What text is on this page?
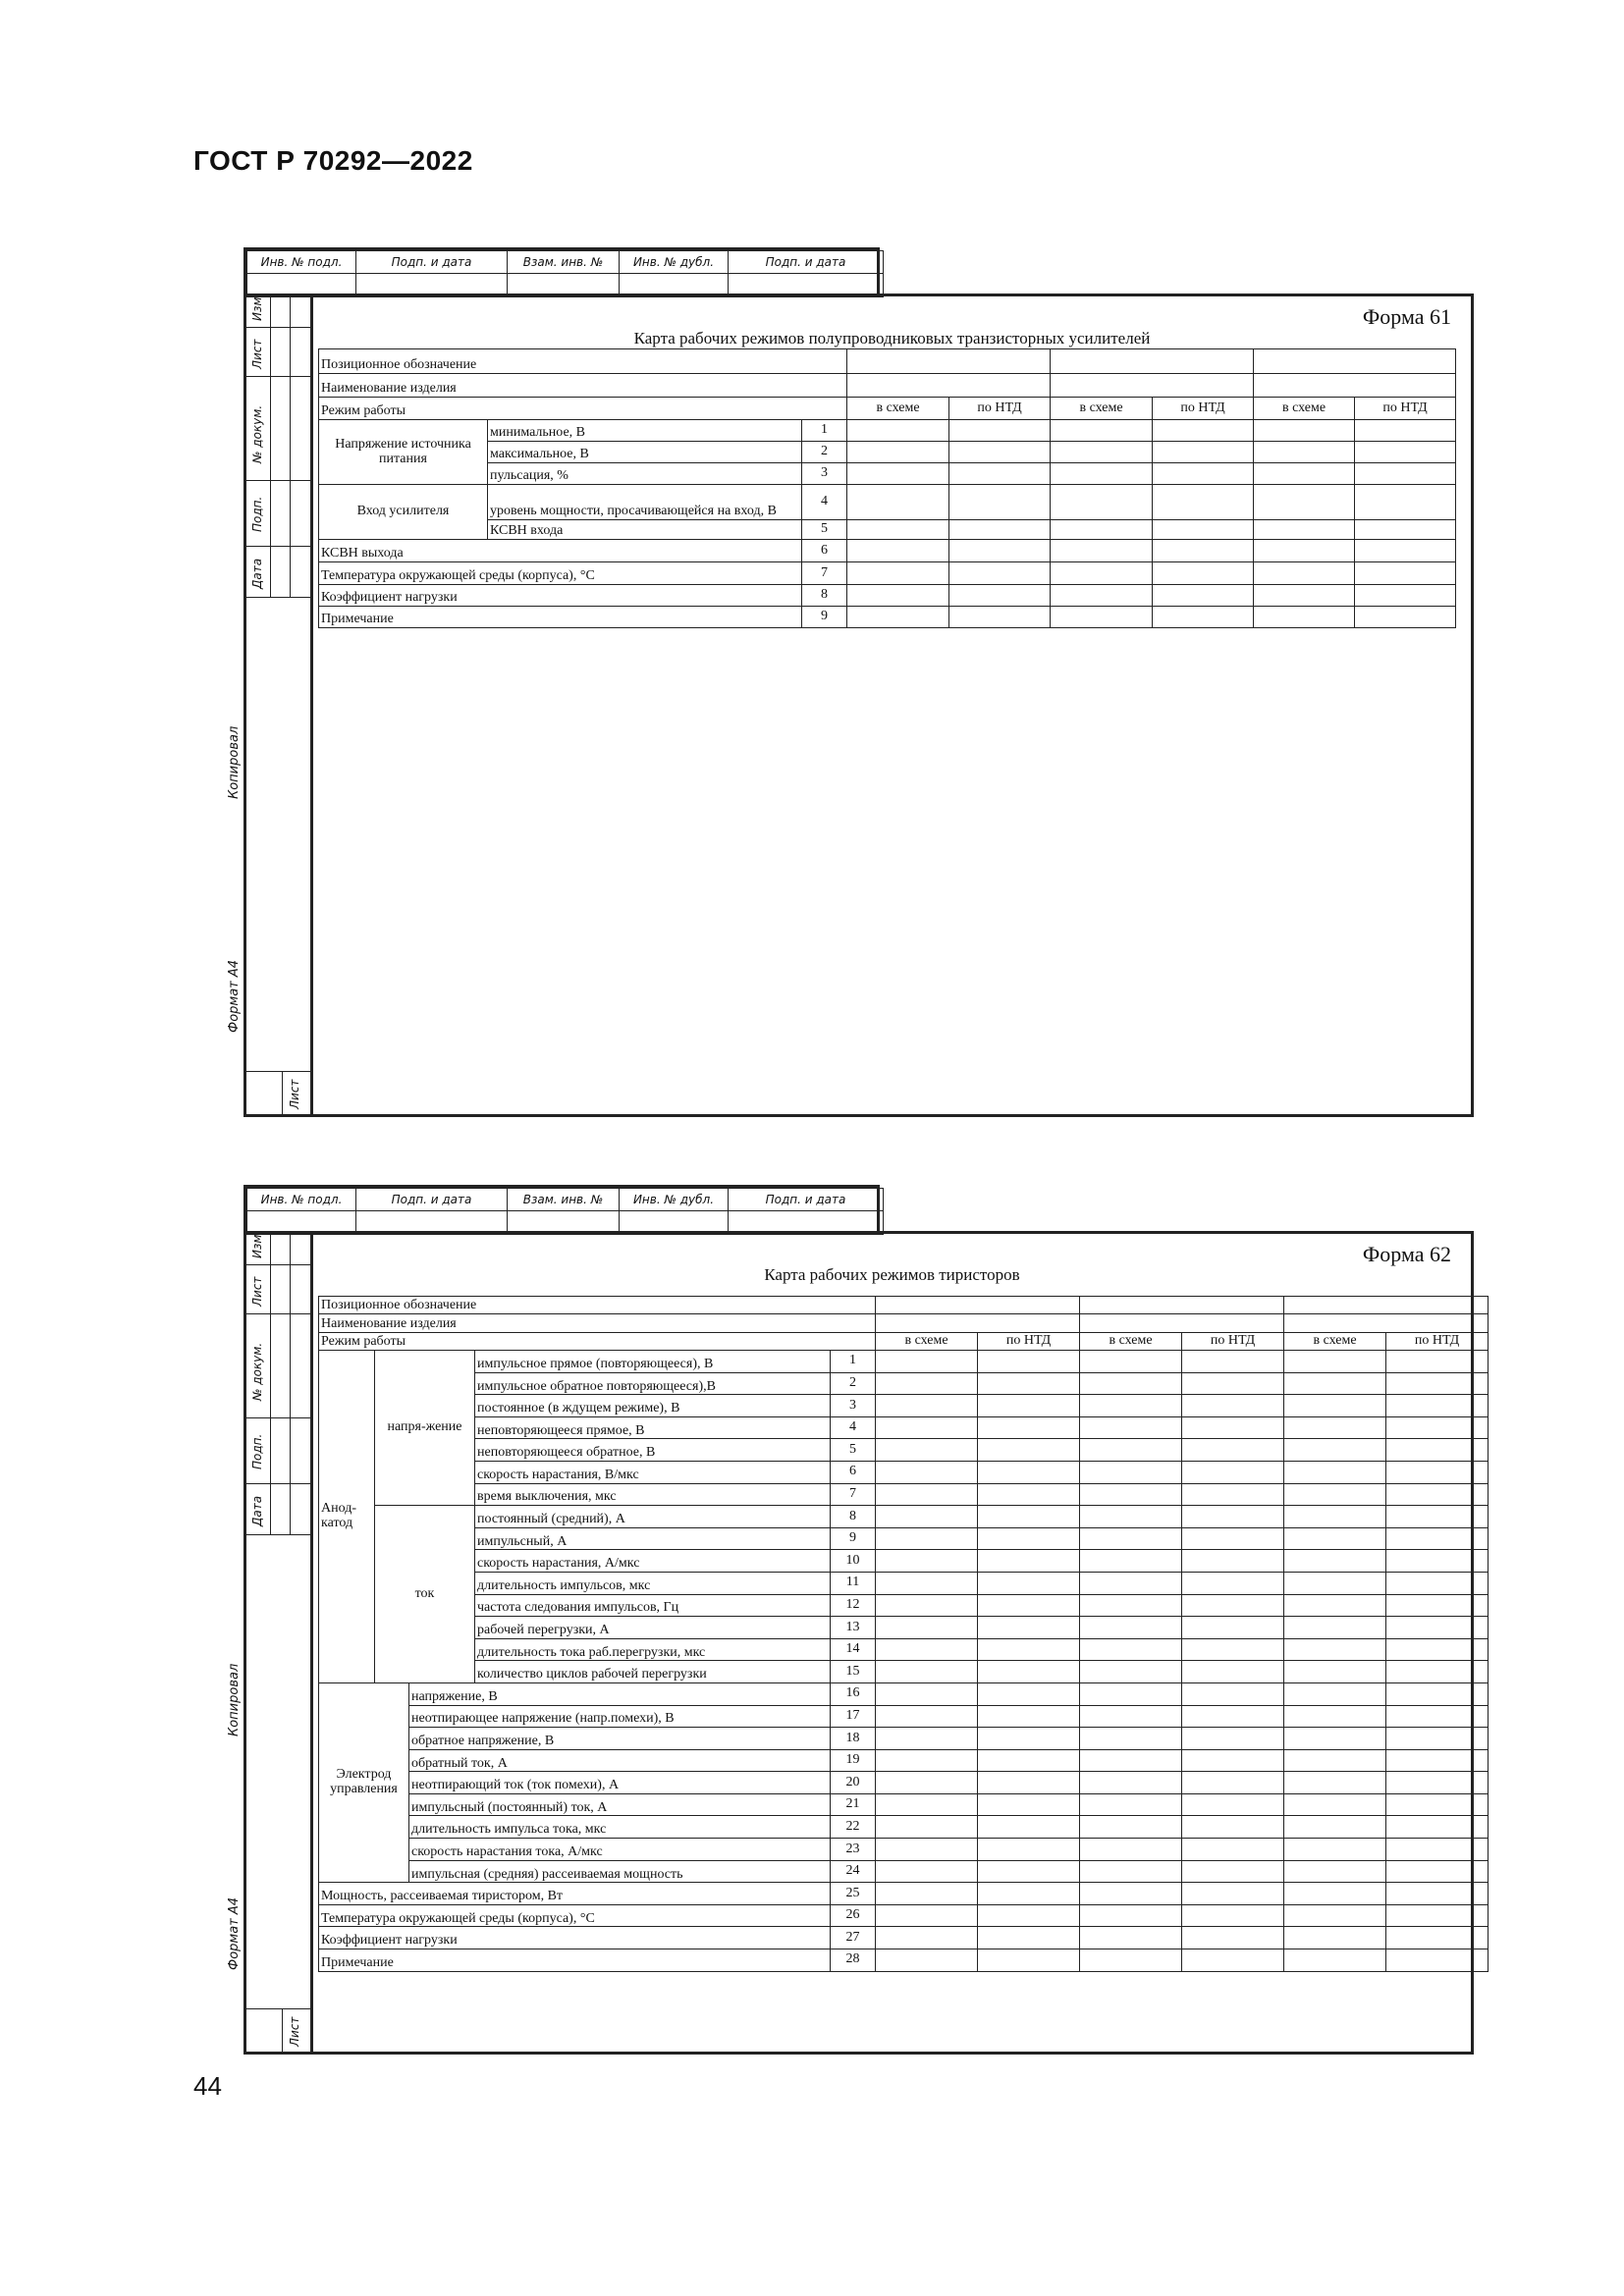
ГОСТ Р 70292—2022
Инв. № подл.	Подп. и дата	Взам. инв. №	Инв. № дубл.	Подп. и дата

Копировал
Формат А4
Изм
Лист
№ докум.
Подп.
Дата
Лист
Форма 61
Карта рабочих режимов полупроводниковых транзисторных усилителей
Позиционное обозначение								
Наименование изделия								
Режим работы			в схеме	по НТД	в схеме	по НТД	в схеме	по НТД
Напряжение источника питания	минимальное, В	1						
	максимальное, В	2						
	пульсация, %	3						
Вход усилителя	уровень мощности, просачивающейся на вход, В	4						
	КСВН входа	5						
КСВН выхода		6						
Температура окружающей среды (корпуса), °С		7						
Коэффициент нагрузки		8						
Примечание		9						
Инв. № подл.	Подп. и дата	Взам. инв. №	Инв. № дубл.	Подп. и дата

Копировал
Формат А4
Изм
Лист
№ докум.
Подп.
Дата
Лист
Форма 62
Карта рабочих режимов тиристоров
Позиционное обозначение										
Наименование изделия										
Режим работы					в схеме	по НТД	в схеме	по НТД	в схеме	по НТД
Анод-катод	напря-жение		импульсное прямое (повторяющееся), В	1						
			импульсное обратное повторяющееся),В	2						
			постоянное (в ждущем режиме), В	3						
			неповторяющееся прямое, В	4						
			неповторяющееся обратное, В	5						
			скорость нарастания, В/мкс	6						
			время выключения, мкс	7						
	ток		постоянный (средний), А	8						
			импульсный, А	9						
			скорость нарастания, А/мкс	10						
			длительность импульсов, мкс	11						
			частота следования импульсов, Гц	12						
			рабочей перегрузки, А	13						
			длительность тока раб.перегрузки, мкс	14						
			количество циклов рабочей перегрузки	15						
Электрод управления		напряжение, В		16						
		неотпирающее напряжение (напр.помехи), В		17						
		обратное напряжение, В		18						
		обратный ток, А		19						
		неотпирающий ток (ток помехи), А		20						
		импульсный (постоянный) ток, А		21						
		длительность импульса тока, мкс		22						
		скорость нарастания тока, А/мкс		23						
		импульсная (средняя) рассеиваемая мощность		24						
Мощность, рассеиваемая тиристором, Вт				25						
Температура окружающей среды (корпуса), °С				26						
Коэффициент нагрузки				27						
Примечание				28						
44
